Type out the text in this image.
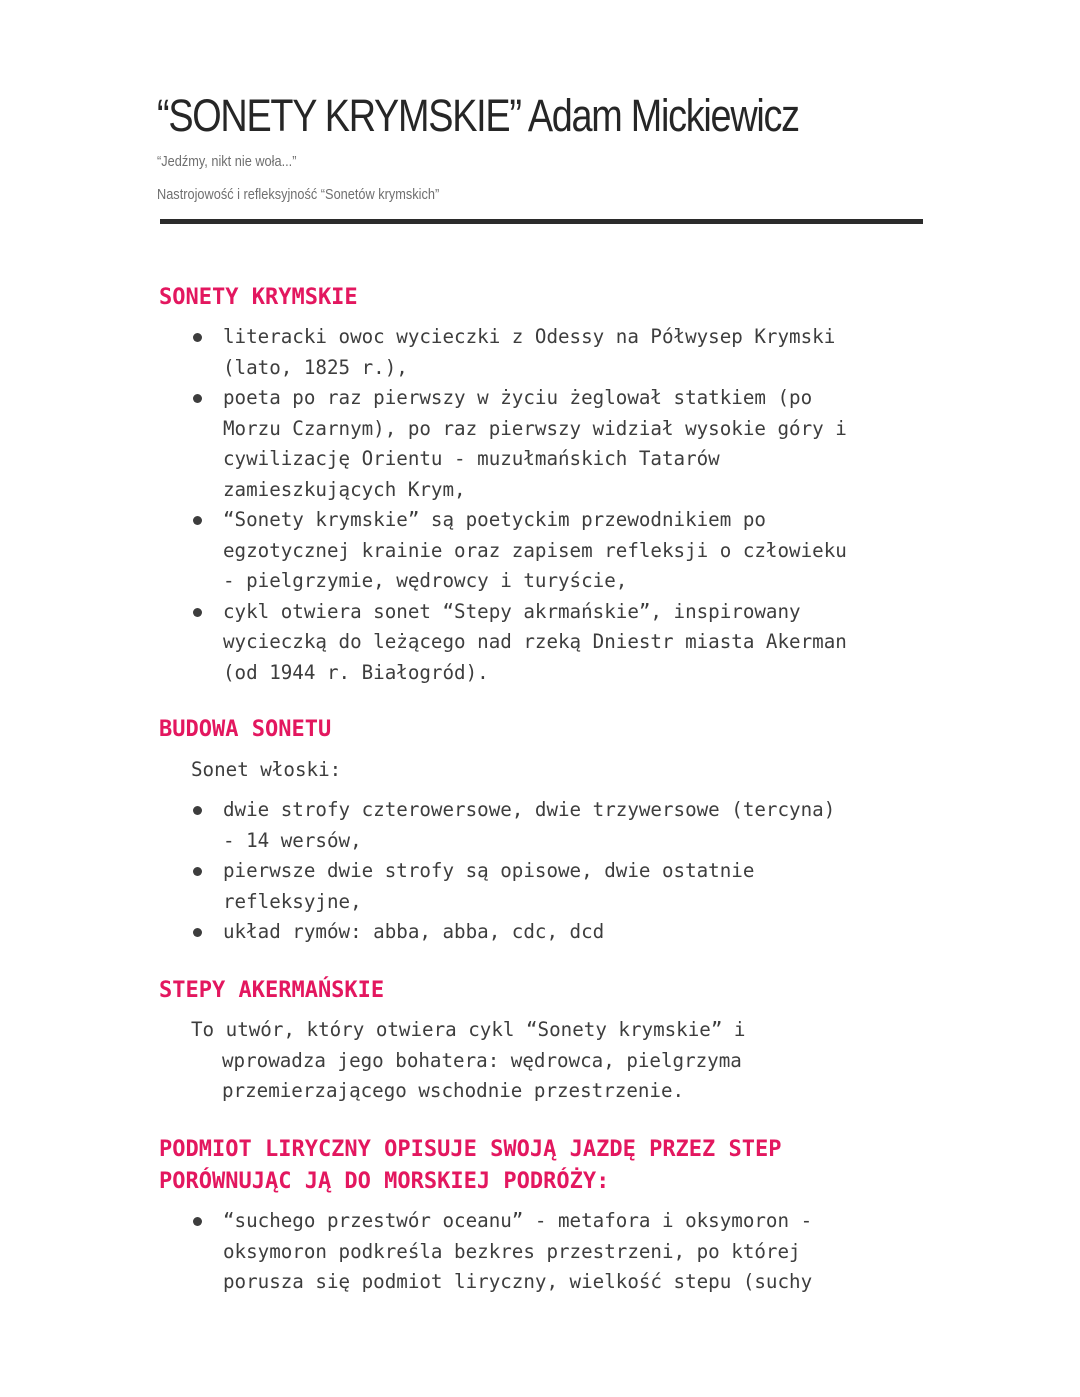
“SONETY KRYMSKIE” Adam Mickiewicz
“Jedźmy, nikt nie woła...”
Nastrojowość i refleksyjność “Sonetów krymskich”
SONETY KRYMSKIE
literacki owoc wycieczki z Odessy na Półwysep Krymski
(lato, 1825 r.),
poeta po raz pierwszy w życiu żeglował statkiem (po
Morzu Czarnym), po raz pierwszy widział wysokie góry i
cywilizację Orientu - muzułmańskich Tatarów
zamieszkujących Krym,
“Sonety krymskie” są poetyckim przewodnikiem po
egzotycznej krainie oraz zapisem refleksji o człowieku
- pielgrzymie, wędrowcy i turyście,
cykl otwiera sonet “Stepy akrmańskie”, inspirowany
wycieczką do leżącego nad rzeką Dniestr miasta Akerman
(od 1944 r. Białogród).
BUDOWA SONETU

Sonet włoski:

dwie strofy czterowersowe, dwie trzywersowe (tercyna)
- 14 wersów,
pierwsze dwie strofy są opisowe, dwie ostatnie
refleksyjne,
układ rymów: abba, abba, cdc, dcd
STEPY AKERMAŃSKIE
To utwór, który otwiera cykl “Sonety krymskie” i
wprowadza jego bohatera: wędrowca, pielgrzyma
przemierzającego wschodnie przestrzenie.
PODMIOT LIRYCZNY OPISUJE SWOJĄ JAZDĘ PRZEZ STEP
PORÓWNUJĄC JĄ DO MORSKIEJ PODRÓŻY:
“suchego przestwór oceanu” - metafora i oksymoron -
oksymoron podkreśla bezkres przestrzeni, po której
porusza się podmiot liryczny, wielkość stepu (suchy
